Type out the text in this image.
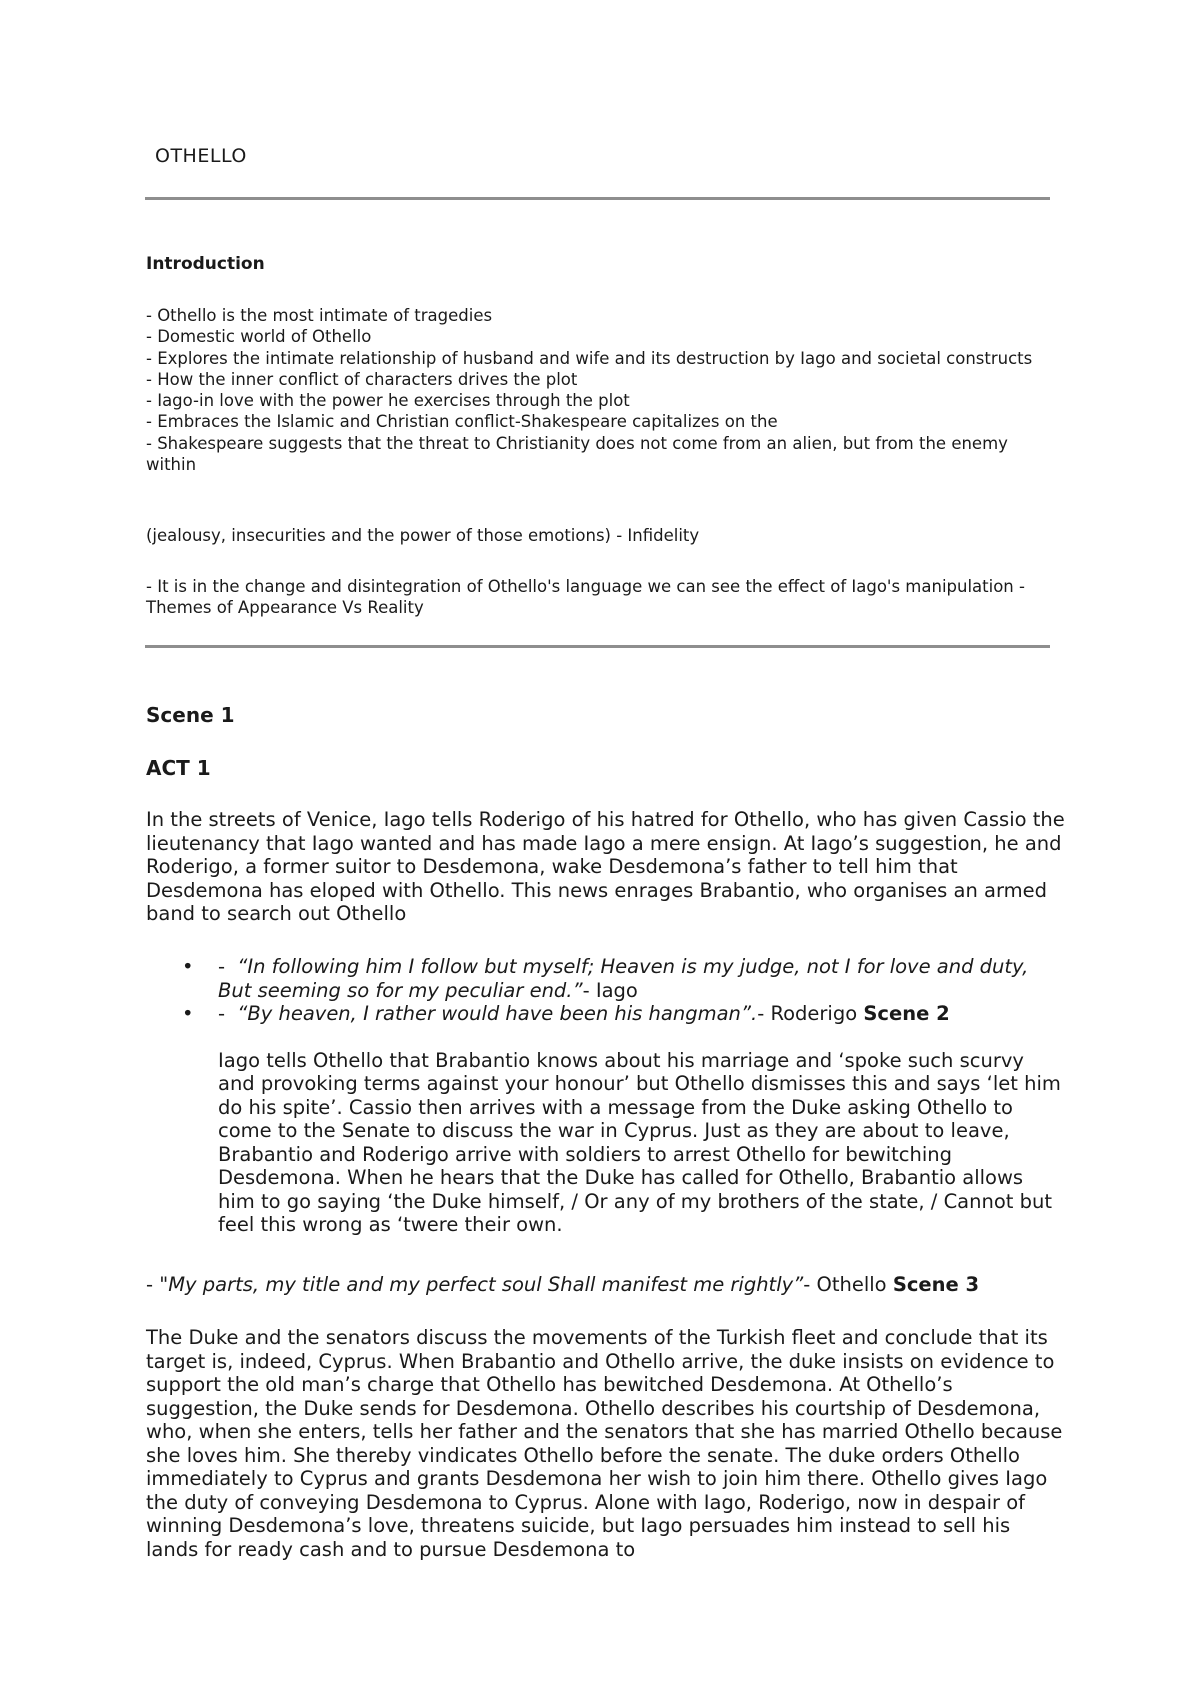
OTHELLO
Introduction
- Othello is the most intimate of tragedies
- Domestic world of Othello
- Explores the intimate relationship of husband and wife and its destruction by Iago and societal constructs
- How the inner conflict of characters drives the plot
- Iago-in love with the power he exercises through the plot
- Embraces the Islamic and Christian conflict-Shakespeare capitalizes on the
- Shakespeare suggests that the threat to Christianity does not come from an alien, but from the enemy within
(jealousy, insecurities and the power of those emotions) - Infidelity
- It is in the change and disintegration of Othello's language we can see the effect of Iago's manipulation - Themes of Appearance Vs Reality
Scene 1
ACT 1
In the streets of Venice, Iago tells Roderigo of his hatred for Othello, who has given Cassio the lieutenancy that Iago wanted and has made Iago a mere ensign. At Iago’s suggestion, he and Roderigo, a former suitor to Desdemona, wake Desdemona’s father to tell him that Desdemona has eloped with Othello. This news enrages Brabantio, who organises an armed band to search out Othello
• - “In following him I follow but myself; Heaven is my judge, not I for love and duty, But seeming so for my peculiar end.”- Iago
• - “By heaven, I rather would have been his hangman”.- Roderigo Scene 2
Iago tells Othello that Brabantio knows about his marriage and ‘spoke such scurvy and provoking terms against your honour’ but Othello dismisses this and says ‘let him do his spite’. Cassio then arrives with a message from the Duke asking Othello to come to the Senate to discuss the war in Cyprus. Just as they are about to leave, Brabantio and Roderigo arrive with soldiers to arrest Othello for bewitching Desdemona. When he hears that the Duke has called for Othello, Brabantio allows him to go saying ‘the Duke himself, / Or any of my brothers of the state, / Cannot but feel this wrong as ‘twere their own.
- "My parts, my title and my perfect soul Shall manifest me rightly”- Othello Scene 3
The Duke and the senators discuss the movements of the Turkish fleet and conclude that its target is, indeed, Cyprus. When Brabantio and Othello arrive, the duke insists on evidence to support the old man’s charge that Othello has bewitched Desdemona. At Othello’s suggestion, the Duke sends for Desdemona. Othello describes his courtship of Desdemona, who, when she enters, tells her father and the senators that she has married Othello because she loves him. She thereby vindicates Othello before the senate. The duke orders Othello immediately to Cyprus and grants Desdemona her wish to join him there. Othello gives Iago the duty of conveying Desdemona to Cyprus. Alone with Iago, Roderigo, now in despair of winning Desdemona’s love, threatens suicide, but Iago persuades him instead to sell his lands for ready cash and to pursue Desdemona to
